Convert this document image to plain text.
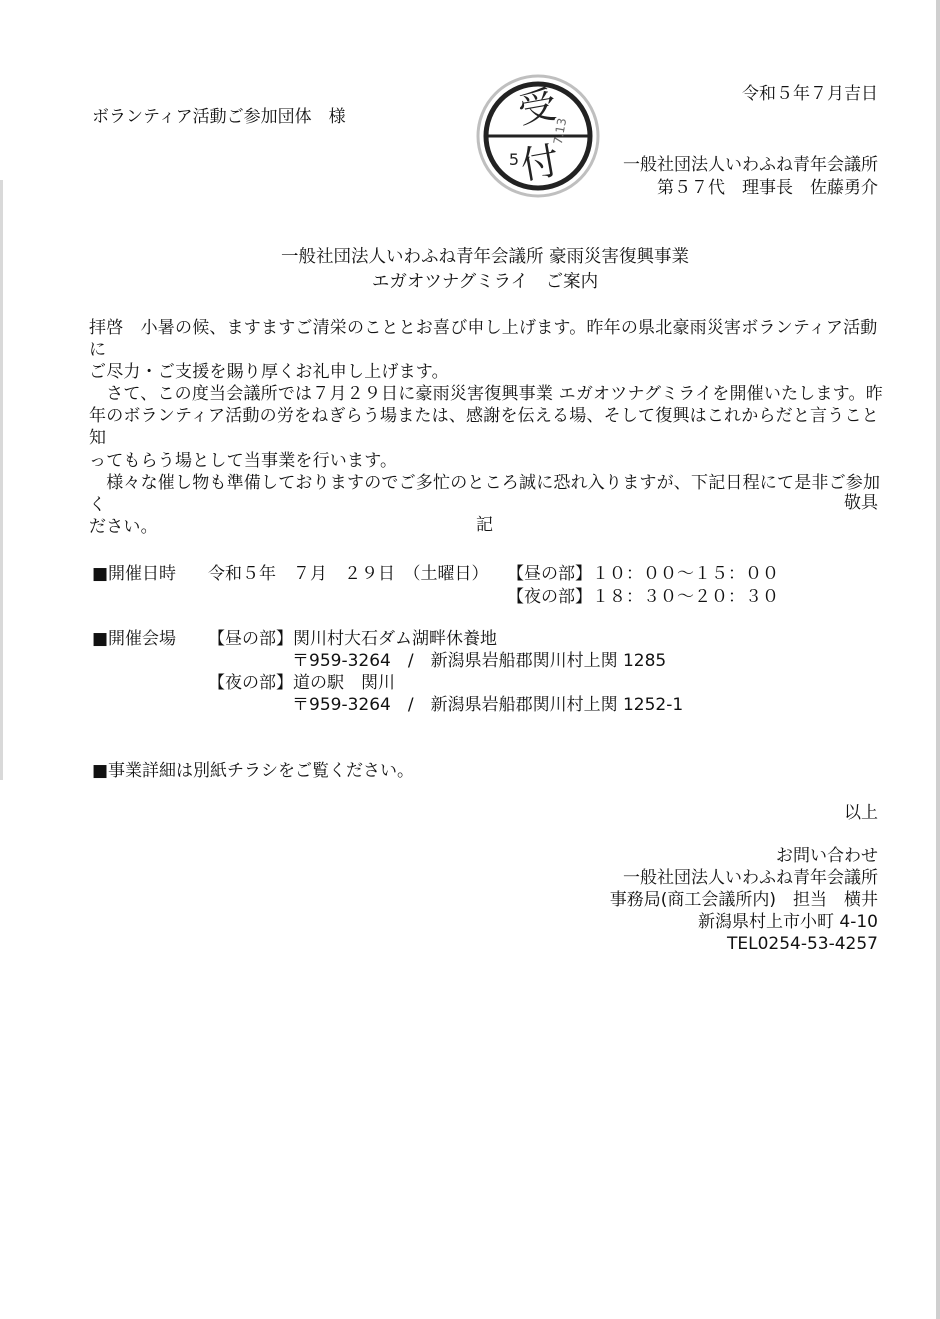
令和５年７月吉日
ボランティア活動ご参加団体　様	受
付
5
7.13
一般社団法人いわふね青年会議所
第５７代　理事長　佐藤勇介
一般社団法人いわふね青年会議所 豪雨災害復興事業
エガオツナグミライ　ご案内

拝啓　小暑の候、ますますご清栄のこととお喜び申し上げます。昨年の県北豪雨災害ボランティア活動に

ご尽力・ご支援を賜り厚くお礼申し上げます。

　さて、この度当会議所では７月２９日に豪雨災害復興事業 エガオツナグミライを開催いたします。昨

年のボランティア活動の労をねぎらう場または、感謝を伝える場、そして復興はこれからだと言うこと知

ってもらう場として当事業を行います。

　様々な催し物も準備しておりますのでご多忙のところ誠に恐れ入りますが、下記日程にて是非ご参加く

ださい。

敬具
記
■開催日時 令和５年　７月　２９日　（土曜日） 【昼の部】１０：００～１５：００
【夜の部】１８：３０～２０：３０
■開催会場 【昼の部】関川村大石ダム湖畔休養地
〒959-3264　/　新潟県岩船郡関川村上関 1285
【夜の部】道の駅　関川
〒959-3264　/　新潟県岩船郡関川村上関 1252-1
■事業詳細は別紙チラシをご覧ください。
以上
お問い合わせ
一般社団法人いわふね青年会議所
事務局(商工会議所内)　担当　横井
新潟県村上市小町 4-10
TEL0254-53-4257
